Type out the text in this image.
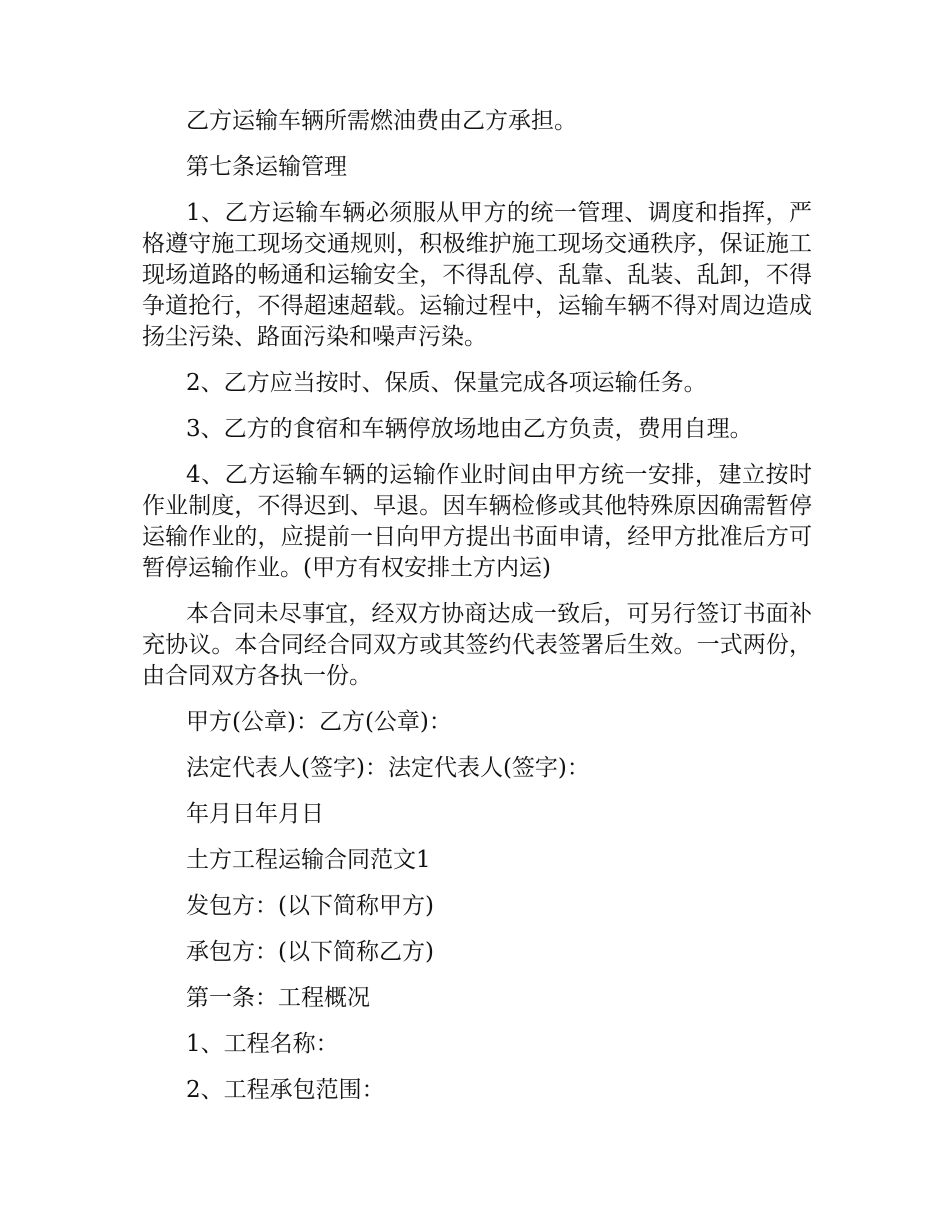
乙方运输车辆所需燃油费由乙方承担。

第七条运输管理

1、乙方运输车辆必须服从甲方的统一管理、调度和指挥，严格遵守施工现场交通规则，积极维护施工现场交通秩序，保证施工现场道路的畅通和运输安全，不得乱停、乱靠、乱装、乱卸，不得争道抢行，不得超速超载。运输过程中，运输车辆不得对周边造成扬尘污染、路面污染和噪声污染。

2、乙方应当按时、保质、保量完成各项运输任务。

3、乙方的食宿和车辆停放场地由乙方负责，费用自理。

4、乙方运输车辆的运输作业时间由甲方统一安排，建立按时作业制度，不得迟到、早退。因车辆检修或其他特殊原因确需暂停运输作业的，应提前一日向甲方提出书面申请，经甲方批准后方可暂停运输作业。(甲方有权安排土方内运)

本合同未尽事宜，经双方协商达成一致后，可另行签订书面补充协议。本合同经合同双方或其签约代表签署后生效。一式两份，由合同双方各执一份。

甲方(公章)：乙方(公章)：

法定代表人(签字)：法定代表人(签字)：

年月日年月日

土方工程运输合同范文1

发包方：(以下简称甲方)

承包方：(以下简称乙方)

第一条：工程概况

1、工程名称：

2、工程承包范围：
